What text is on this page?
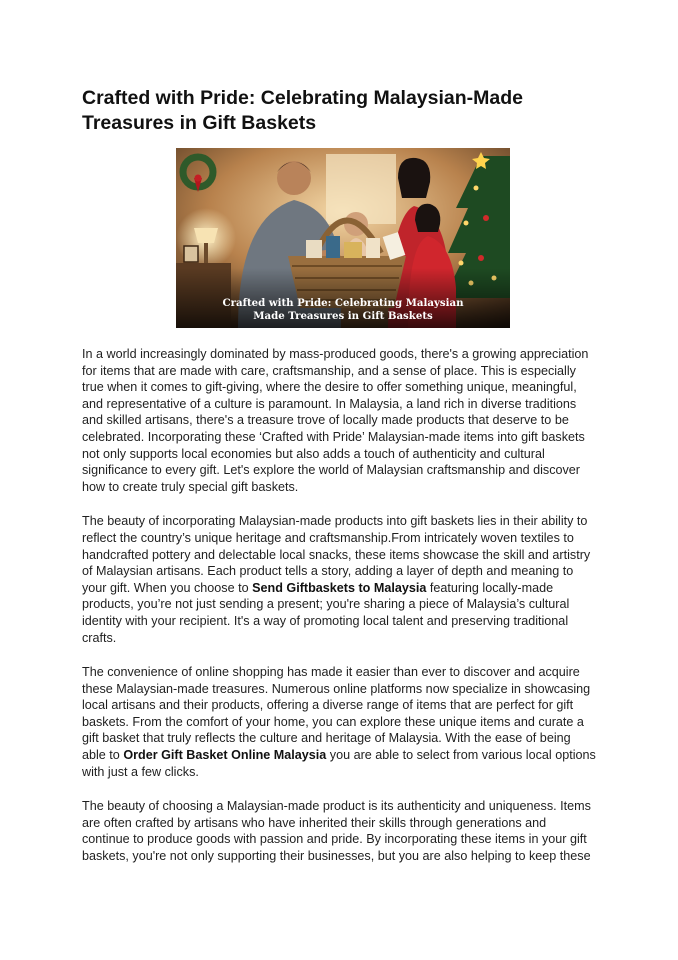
Crafted with Pride: Celebrating Malaysian-Made Treasures in Gift Baskets
Crafted with Pride: Celebrating Malaysian
Made Treasures in Gift Baskets

In a world increasingly dominated by mass-produced goods, there's a growing appreciation for items that are made with care, craftsmanship, and a sense of place. This is especially true when it comes to gift-giving, where the desire to offer something unique, meaningful, and representative of a culture is paramount. In Malaysia, a land rich in diverse traditions and skilled artisans, there's a treasure trove of locally made products that deserve to be celebrated. Incorporating these ‘Crafted with Pride’ Malaysian-made items into gift baskets not only supports local economies but also adds a touch of authenticity and cultural significance to every gift. Let's explore the world of Malaysian craftsmanship and discover how to create truly special gift baskets.

The beauty of incorporating Malaysian-made products into gift baskets lies in their ability to reflect the country’s unique heritage and craftsmanship.From intricately woven textiles to handcrafted pottery and delectable local snacks, these items showcase the skill and artistry of Malaysian artisans. Each product tells a story, adding a layer of depth and meaning to your gift. When you choose to Send Giftbaskets to Malaysia featuring locally-made products, you’re not just sending a present; you're sharing a piece of Malaysia’s cultural identity with your recipient. It's a way of promoting local talent and preserving traditional crafts.

The convenience of online shopping has made it easier than ever to discover and acquire these Malaysian-made treasures. Numerous online platforms now specialize in showcasing local artisans and their products, offering a diverse range of items that are perfect for gift baskets. From the comfort of your home, you can explore these unique items and curate a gift basket that truly reflects the culture and heritage of Malaysia. With the ease of being able to Order Gift Basket Online Malaysia you are able to select from various local options with just a few clicks.

The beauty of choosing a Malaysian-made product is its authenticity and uniqueness. Items are often crafted by artisans who have inherited their skills through generations and continue to produce goods with passion and pride. By incorporating these items in your gift baskets, you're not only supporting their businesses, but you are also helping to keep these
